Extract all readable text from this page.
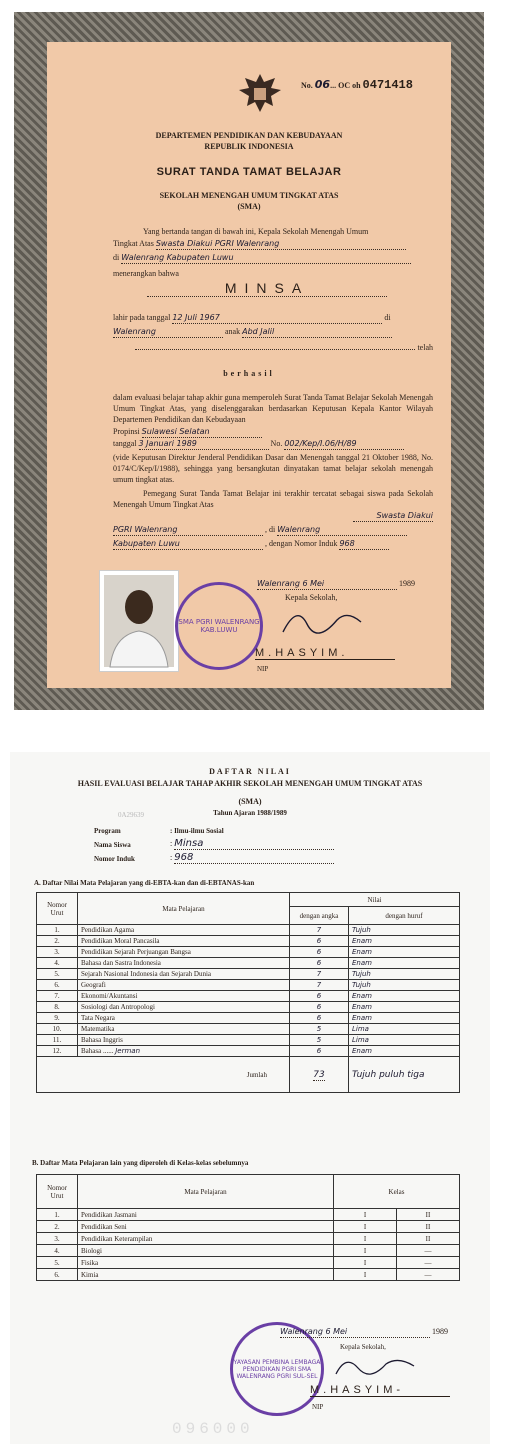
No. 06... OC oh 0471418
DEPARTEMEN PENDIDIKAN DAN KEBUDAYAAN
REPUBLIK INDONESIA
SURAT TANDA TAMAT BELAJAR
SEKOLAH MENENGAH UMUM TINGKAT ATAS
(SMA)
Yang bertanda tangan di bawah ini, Kepala Sekolah Menengah Umum
Tingkat Atas Swasta Diakui PGRI Walenrang
di Walenrang Kabupaten Luwu
menerangkan bahwa
MINSA
lahir pada tanggal 12 Juli 1967	di
Walenrang	anak Abd Jalil
telah
berhasil
dalam evaluasi belajar tahap akhir guna memperoleh Surat Tanda Tamat Belajar Sekolah Menengah Umum Tingkat Atas, yang diselenggarakan berdasarkan Keputusan Kepala Kantor Wilayah Departemen Pendidikan dan Kebudayaan
Propinsi Sulawesi Selatan
tanggal 3 Januari 1989	No. 002/Kep/I.06/H/89
(vide Keputusan Direktur Jenderal Pendidikan Dasar dan Menengah tanggal 21 Oktober 1988, No. 0174/C/Kep/I/1988), sehingga yang bersangkutan dinyatakan tamat belajar sekolah menengah umum tingkat atas.
Pemegang Surat Tanda Tamat Belajar ini terakhir tercatat sebagai siswa pada Sekolah Menengah Umum Tingkat Atas
Swasta Diakui
PGRI Walenrang	, di Walenrang
Kabupaten Luwu	, dengan Nomor Induk 968
SMA PGRI WALENRANG KAB.LUWU
Walenrang 6 Mei	1989
Kepala Sekolah,
M.HASYIM.
NIP
DAFTAR NILAI
HASIL EVALUASI BELAJAR TAHAP AKHIR SEKOLAH MENENGAH UMUM TINGKAT ATAS
(SMA)
Tahun Ajaran 1988/1989
0A29639
Program	: Ilmu-ilmu Sosial
Nama Siswa	: Minsa
Nomor Induk	: 968
A. Daftar Nilai Mata Pelajaran yang di-EBTA-kan dan di-EBTANAS-kan
Nomor Urut	Mata Pelajaran	Nilai	
		dengan angka	dengan huruf
1.	Pendidikan Agama	7	Tujuh
2.	Pendidikan Moral Pancasila	6	Enam
3.	Pendidikan Sejarah Perjuangan Bangsa	6	Enam
4.	Bahasa dan Sastra Indonesia	6	Enam
5.	Sejarah Nasional Indonesia dan Sejarah Dunia	7	Tujuh
6.	Geografi	7	Tujuh
7.	Ekonomi/Akuntansi	6	Enam
8.	Sosiologi dan Antropologi	6	Enam
9.	Tata Negara	6	Enam
10.	Matematika	5	Lima
11.	Bahasa Inggris	5	Lima
12.	Bahasa ...... Jerman	6	Enam
Jumlah		73	Tujuh puluh tiga
B. Daftar Mata Pelajaran lain yang diperoleh di Kelas-kelas sebelumnya
Nomor Urut	Mata Pelajaran	Kelas	
1.	Pendidikan Jasmani	I	II
2.	Pendidikan Seni	I	II
3.	Pendidikan Keterampilan	I	II
4.	Biologi	I	—
5.	Fisika	I	—
6.	Kimia	I	—
YAYASAN PEMBINA LEMBAGA PENDIDIKAN PGRI SMA WALENRANG PGRI SUL-SEL
Walenrang 6 Mei	1989
Kepala Sekolah,
M.HASYIM-
NIP
096000
